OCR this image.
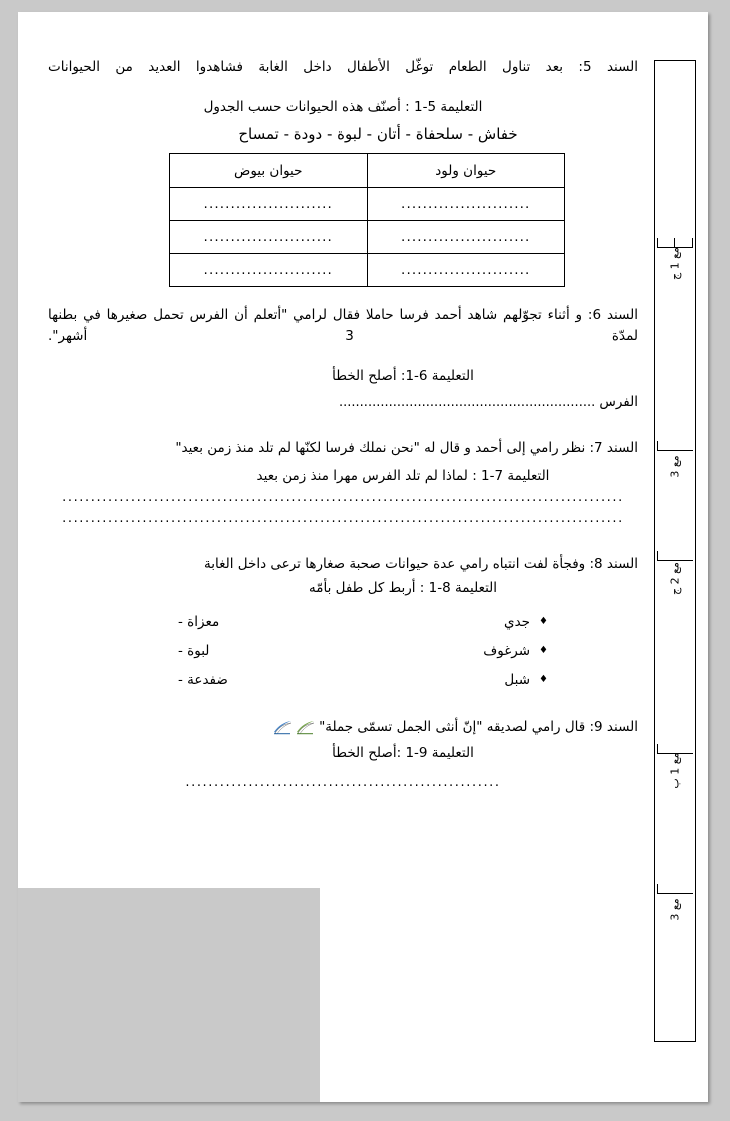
السند 5: بعد تناول الطعام توغّل الأطفال داخل الغابة فشاهدوا العديد من الحيوانات

التعليمة 5-1 : أصنّف هذه الحيوانات حسب الجدول

خفاش - سلحفاة - أتان - لبوة - دودة - تمساح

حيوان ولود	حيوان بيوض
........................	........................
........................	........................
........................	........................

السند 6: و أثناء تجوّلهم شاهد أحمد فرسا حاملا فقال لرامي "أتعلم أن الفرس تحمل صغيرها في بطنها لمدّة 3 أشهر".

التعليمة 6-1: أصلح الخطأ

الفرس ..............................................................

السند 7: نظر رامي إلى أحمد و قال له "نحن نملك فرسا لكنّها لم تلد منذ زمن بعيد"

التعليمة 7-1 : لماذا لم تلد الفرس مهرا منذ زمن بعيد

..................................................................................................
..................................................................................................

السند 8: وفجأة لفت انتباه رامي عدة حيوانات صحبة صغارها ترعى داخل الغابة

التعليمة 8-1 : أربط كل طفل بأمّه

♦
جدي
معزاة -
♦
شرغوف
لبوة -
♦
شبل
ضفدعة -
السند 9: قال رامي لصديقه "إنّ أنثى الجمل تسمّى جملة"

التعليمة 9-1 :أصلح الخطأ

.......................................................
مع 1 ج
مع 3
مع 2 ج
مع 1 ب
مع 3
